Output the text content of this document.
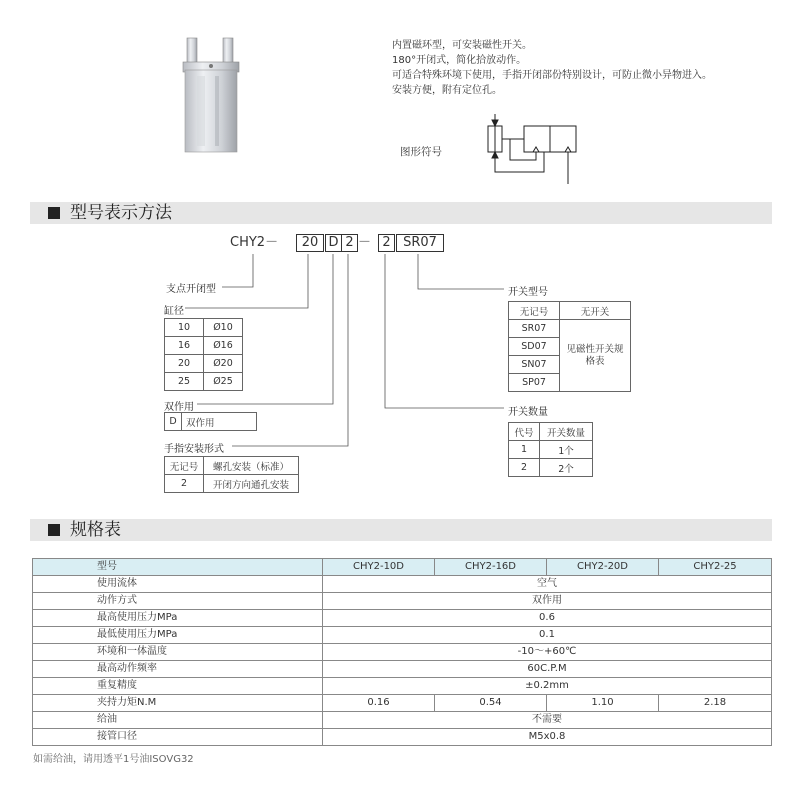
内置磁环型，可安装磁性开关。
180°开闭式，简化拾放动作。
可适合特殊环境下使用，手指开闭部份特别设计，可防止微小异物进入。
安装方便，附有定位孔。
图形符号
型号表示方法
CHY2－	20 D 2 － 2 SR07
支点开闭型
缸径
10	Ø10
16	Ø16
20	Ø20
25	Ø25
双作用
D	双作用
手指安装形式
无记号	螺孔安装（标准）
2	开闭方向通孔安装
开关型号
无记号	无开关
SR07	见磁性开关规格表
SD07	
SN07	
SP07	
开关数量
代号	开关数量
1	1个
2	2个
规格表
型号	CHY2-10D	CHY2-16D	CHY2-20D	CHY2-25
使用流体	空气			
动作方式	双作用			
最高使用压力MPa	0.6			
最低使用压力MPa	0.1			
环境和一体温度	-10～+60℃			
最高动作频率	60C.P.M			
重复精度	±0.2mm			
夹持力矩N.M	0.16	0.54	1.10	2.18
给油	不需要			
接管口径	M5x0.8			
如需给油，请用透平1号油ISOVG32
